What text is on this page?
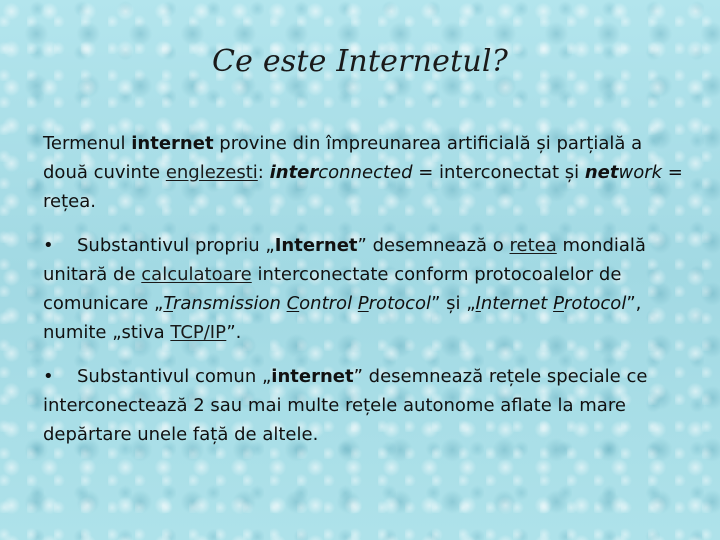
Ce este Internetul?

Termenul internet provine din împreunarea artificială și parțială a două cuvinte englezesti: interconnected = interconectat și network = rețea.

• Substantivul propriu „Internet” desemnează o retea mondială unitară de calculatoare interconectate conform protocoalelor de comunicare „Transmission Control Protocol” și „Internet Protocol”, numite „stiva TCP/IP”.

• Substantivul comun „internet” desemnează rețele speciale ce interconectează 2 sau mai multe rețele autonome aflate la mare depărtare unele față de altele.
